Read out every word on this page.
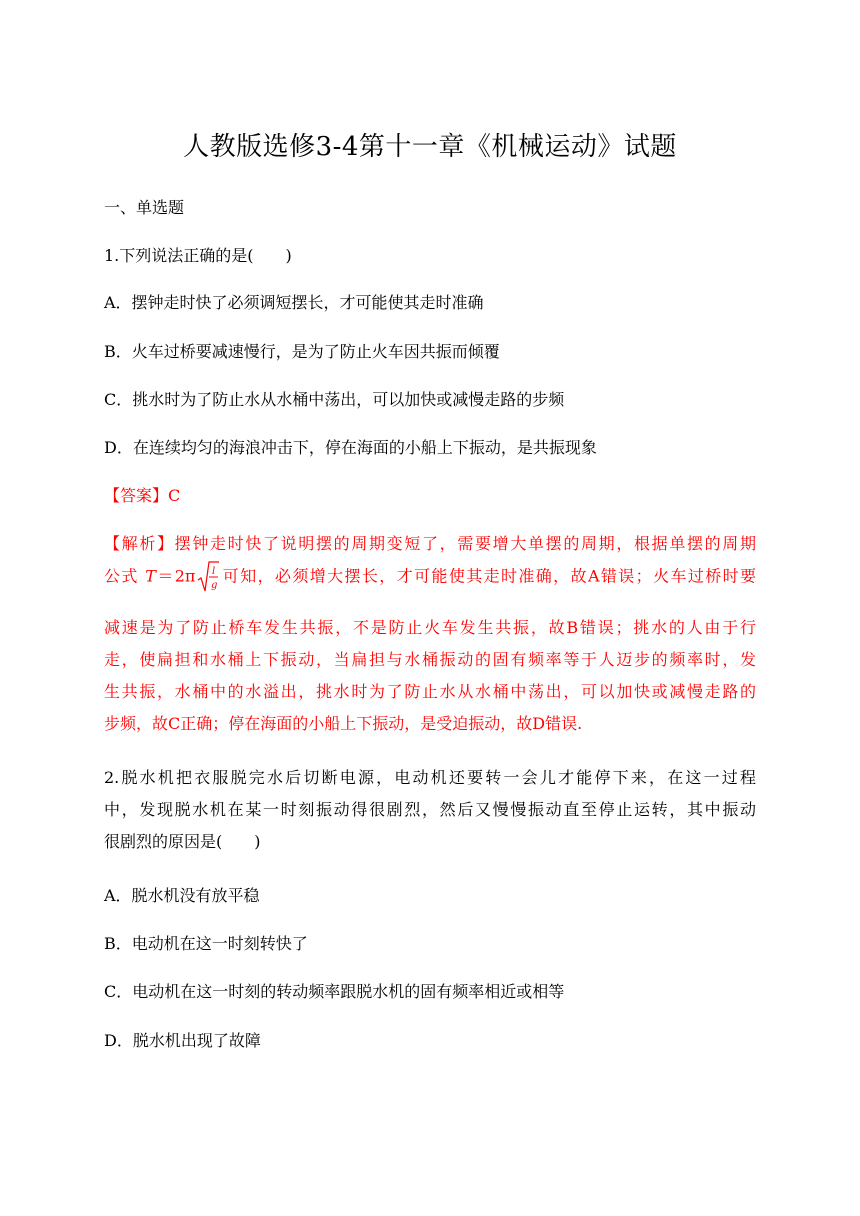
人教版选修3-4第十一章《机械运动》试题
一、单选题
1.下列说法正确的是(　　)
A．摆钟走时快了必须调短摆长，才可能使其走时准确
B．火车过桥要减速慢行，是为了防止火车因共振而倾覆
C．挑水时为了防止水从水桶中荡出，可以加快或减慢走路的步频
D．在连续均匀的海浪冲击下，停在海面的小船上下振动，是共振现象
【答案】C
【解析】摆钟走时快了说明摆的周期变短了，需要增大单摆的周期，根据单摆的周期
公式 T＝2π l
g 可知，必须增大摆长，才可能使其走时准确，故A错误；火车过桥时要
减速是为了防止桥车发生共振，不是防止火车发生共振，故B错误；挑水的人由于行
走，使扁担和水桶上下振动，当扁担与水桶振动的固有频率等于人迈步的频率时，发
生共振，水桶中的水溢出，挑水时为了防止水从水桶中荡出，可以加快或减慢走路的
步频，故C正确；停在海面的小船上下振动，是受迫振动，故D错误.
2.脱水机把衣服脱完水后切断电源，电动机还要转一会儿才能停下来，在这一过程
中，发现脱水机在某一时刻振动得很剧烈，然后又慢慢振动直至停止运转，其中振动
很剧烈的原因是(　　)
A．脱水机没有放平稳
B．电动机在这一时刻转快了
C．电动机在这一时刻的转动频率跟脱水机的固有频率相近或相等
D．脱水机出现了故障
